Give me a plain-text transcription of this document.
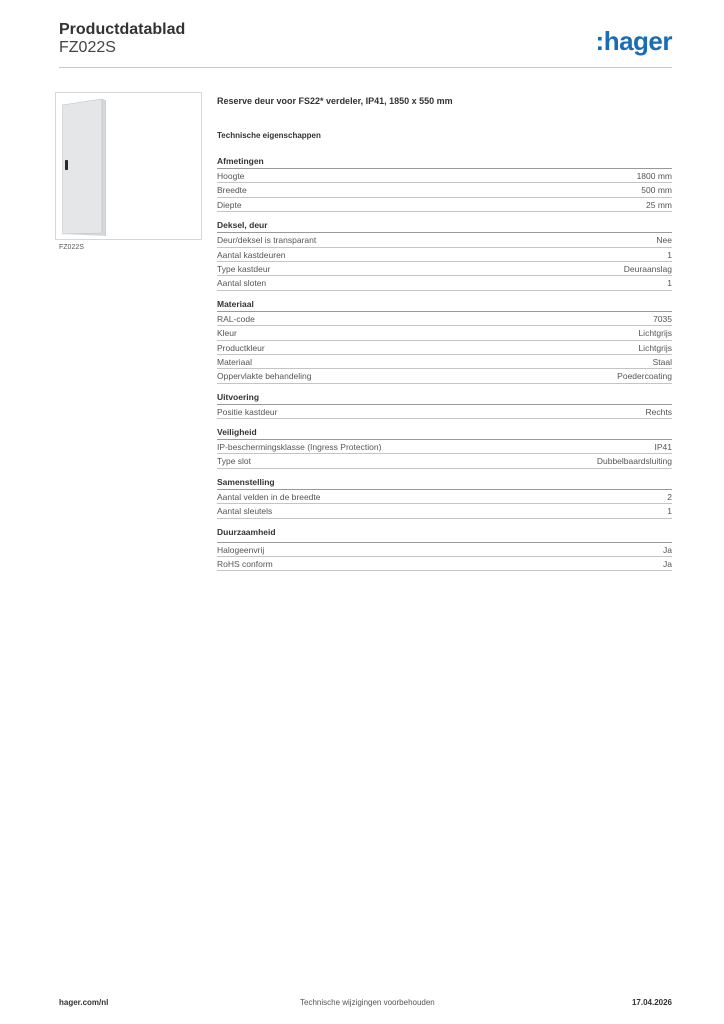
Productdatablad
FZ022S	:hager
FZ022S
Reserve deur voor FS22* verdeler, IP41, 1850 x 550 mm
Technische eigenschappen
Afmetingen
Hoogte	1800 mm
Breedte	500 mm
Diepte	25 mm
Deksel, deur
Deur/deksel is transparant	Nee
Aantal kastdeuren	1
Type kastdeur	Deuraanslag
Aantal sloten	1
Materiaal
RAL-code	7035
Kleur	Lichtgrijs
Productkleur	Lichtgrijs
Materiaal	Staal
Oppervlakte behandeling	Poedercoating
Uitvoering
Positie kastdeur	Rechts
Veiligheid
IP-beschermingsklasse (Ingress Protection)	IP41
Type slot	Dubbelbaardsluiting
Samenstelling
Aantal velden in de breedte	2
Aantal sleutels	1
Duurzaamheid
Halogeenvrij	Ja
RoHS conform	Ja
hager.com/nl	Technische wijzigingen voorbehouden	17.04.2026
